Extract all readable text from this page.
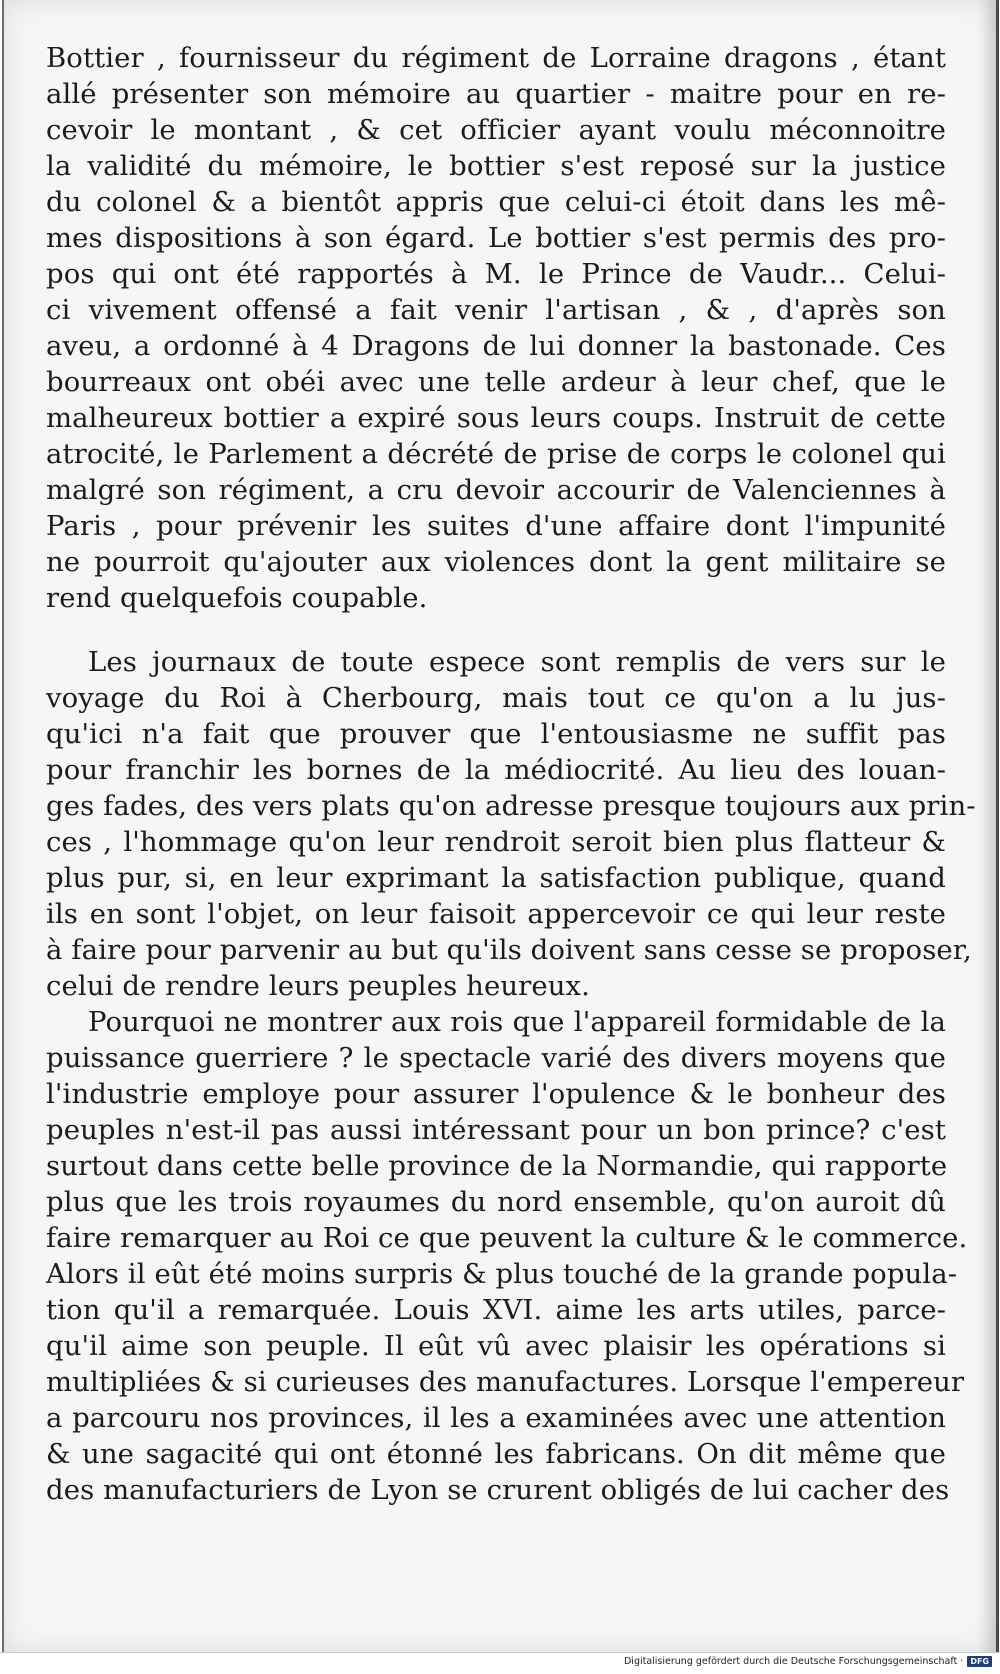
Bottier , fournisseur du régiment de Lorraine dragons , étant
allé présenter son mémoire au quartier - maitre pour en re-
cevoir le montant , & cet officier ayant voulu méconnoitre
la validité du mémoire, le bottier s'est reposé sur la justice
du colonel & a bientôt appris que celui-ci étoit dans les mê-
mes dispositions à son égard. Le bottier s'est permis des pro-
pos qui ont été rapportés à M. le Prince de Vaudr... Celui-
ci vivement offensé a fait venir l'artisan , & , d'après son
aveu, a ordonné à 4 Dragons de lui donner la bastonade. Ces
bourreaux ont obéi avec une telle ardeur à leur chef, que le
malheureux bottier a expiré sous leurs coups. Instruit de cette
atrocité, le Parlement a décrété de prise de corps le colonel qui
malgré son régiment, a cru devoir accourir de Valenciennes à
Paris , pour prévenir les suites d'une affaire dont l'impunité
ne pourroit qu'ajouter aux violences dont la gent militaire se
rend quelquefois coupable.
Les journaux de toute espece sont remplis de vers sur le
voyage du Roi à Cherbourg, mais tout ce qu'on a lu jus-
qu'ici n'a fait que prouver que l'entousiasme ne suffit pas
pour franchir les bornes de la médiocrité. Au lieu des louan-
ges fades, des vers plats qu'on adresse presque toujours aux prin-
ces , l'hommage qu'on leur rendroit seroit bien plus flatteur &
plus pur, si, en leur exprimant la satisfaction publique, quand
ils en sont l'objet, on leur faisoit appercevoir ce qui leur reste
à faire pour parvenir au but qu'ils doivent sans cesse se proposer,
celui de rendre leurs peuples heureux.
Pourquoi ne montrer aux rois que l'appareil formidable de la
puissance guerriere ? le spectacle varié des divers moyens que
l'industrie employe pour assurer l'opulence & le bonheur des
peuples n'est-il pas aussi intéressant pour un bon prince? c'est
surtout dans cette belle province de la Normandie, qui rapporte
plus que les trois royaumes du nord ensemble, qu'on auroit dû
faire remarquer au Roi ce que peuvent la culture & le commerce.
Alors il eût été moins surpris & plus touché de la grande popula-
tion qu'il a remarquée. Louis XVI. aime les arts utiles, parce-
qu'il aime son peuple. Il eût vû avec plaisir les opérations si
multipliées & si curieuses des manufactures. Lorsque l'empereur
a parcouru nos provinces, il les a examinées avec une attention
& une sagacité qui ont étonné les fabricans. On dit même que
des manufacturiers de Lyon se crurent obligés de lui cacher des
Digitalisierung gefördert durch die Deutsche Forschungsgemeinschaft · DFG
